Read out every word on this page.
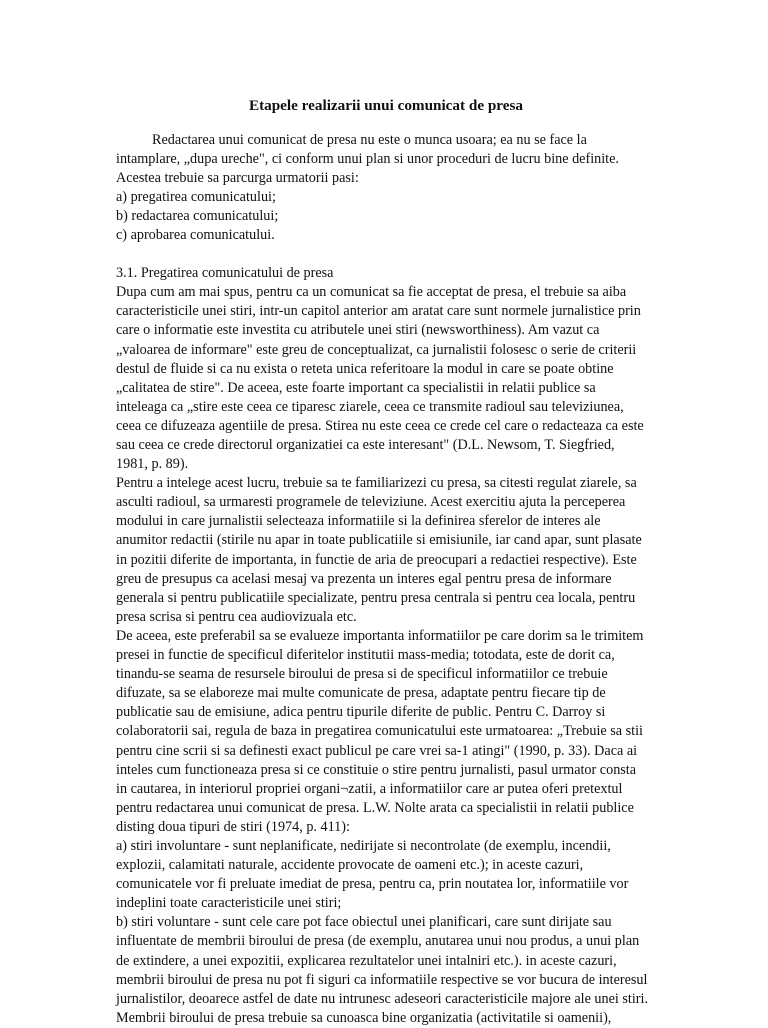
Etapele realizarii unui comunicat de presa
Redactarea unui comunicat de presa nu este o munca usoara; ea nu se face la
intamplare, „dupa ureche", ci conform unui plan si unor proceduri de lucru bine definite.
Acestea trebuie sa parcurga urmatorii pasi:
a) pregatirea comunicatului;
b) redactarea comunicatului;
c) aprobarea comunicatului.
3.1. Pregatirea comunicatului de presa
Dupa cum am mai spus, pentru ca un comunicat sa fie acceptat de presa, el trebuie sa aiba
caracteristicile unei stiri, intr-un capitol anterior am aratat care sunt normele jurnalistice prin
care o informatie este investita cu atributele unei stiri (newsworthiness). Am vazut ca
„valoarea de informare" este greu de conceptualizat, ca jurnalistii folosesc o serie de criterii
destul de fluide si ca nu exista o reteta unica referitoare la modul in care se poate obtine
„calitatea de stire". De aceea, este foarte important ca specialistii in relatii publice sa
inteleaga ca „stire este ceea ce tiparesc ziarele, ceea ce transmite radioul sau televiziunea,
ceea ce difuzeaza agentiile de presa. Stirea nu este ceea ce crede cel care o redacteaza ca este
sau ceea ce crede directorul organizatiei ca este interesant" (D.L. Newsom, T. Siegfried,
1981, p. 89).
Pentru a intelege acest lucru, trebuie sa te familiarizezi cu presa, sa citesti regulat ziarele, sa
asculti radioul, sa urmaresti programele de televiziune. Acest exercitiu ajuta la perceperea
modului in care jurnalistii selecteaza informatiile si la definirea sferelor de interes ale
anumitor redactii (stirile nu apar in toate publicatiile si emisiunile, iar cand apar, sunt plasate
in pozitii diferite de importanta, in functie de aria de preocupari a redactiei respective). Este
greu de presupus ca acelasi mesaj va prezenta un interes egal pentru presa de informare
generala si pentru publicatiile specializate, pentru presa centrala si pentru cea locala, pentru
presa scrisa si pentru cea audiovizuala etc.
De aceea, este preferabil sa se evalueze importanta informatiilor pe care dorim sa le trimitem
presei in functie de specificul diferitelor institutii mass-media; totodata, este de dorit ca,
tinandu-se seama de resursele biroului de presa si de specificul informatiilor ce trebuie
difuzate, sa se elaboreze mai multe comunicate de presa, adaptate pentru fiecare tip de
publicatie sau de emisiune, adica pentru tipurile diferite de public. Pentru C. Darroy si
colaboratorii sai, regula de baza in pregatirea comunicatului este urmatoarea: „Trebuie sa stii
pentru cine scrii si sa definesti exact publicul pe care vrei sa-1 atingi" (1990, p. 33). Daca ai
inteles cum functioneaza presa si ce constituie o stire pentru jurnalisti, pasul urmator consta
in cautarea, in interiorul propriei organi¬zatii, a informatiilor care ar putea oferi pretextul
pentru redactarea unui comunicat de presa. L.W. Nolte arata ca specialistii in relatii publice
disting doua tipuri de stiri (1974, p. 411):
a) stiri involuntare - sunt neplanificate, nedirijate si necontrolate (de exemplu, incendii,
explozii, calamitati naturale, accidente provocate de oameni etc.); in aceste cazuri,
comunicatele vor fi preluate imediat de presa, pentru ca, prin noutatea lor, informatiile vor
indeplini toate caracteristicile unei stiri;
b) stiri voluntare - sunt cele care pot face obiectul unei planificari, care sunt dirijate sau
influentate de membrii biroului de presa (de exemplu, anutarea unui nou produs, a unui plan
de extindere, a unei expozitii, explicarea rezultatelor unei intalniri etc.). in aceste cazuri,
membrii biroului de presa nu pot fi siguri ca informatiile respective se vor bucura de interesul
jurnalistilor, deoarece astfel de date nu intrunesc adeseori caracteristicile majore ale unei stiri.
Membrii biroului de presa trebuie sa cunoasca bine organizatia (activitatile si oamenii),
